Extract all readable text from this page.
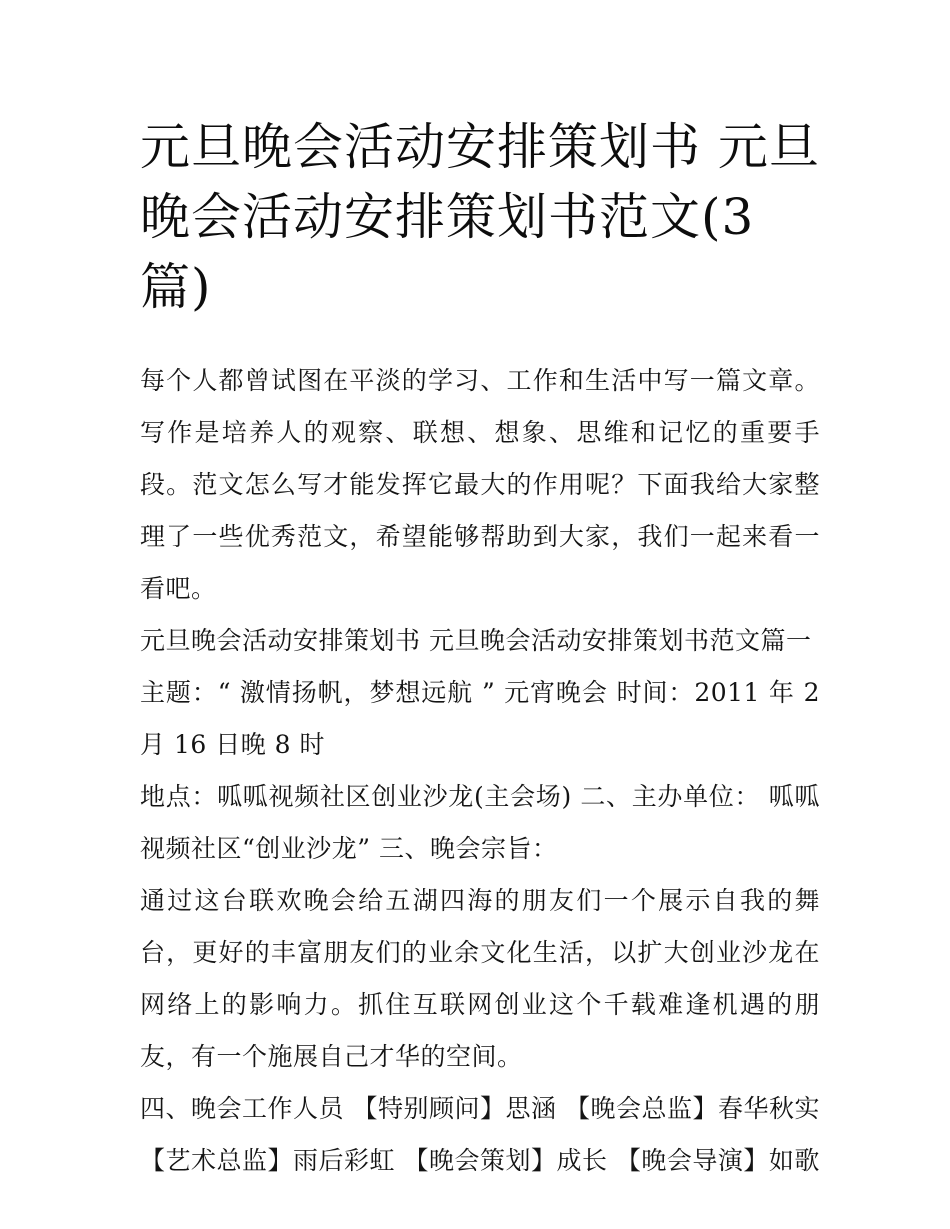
元旦晚会活动安排策划书 元旦晚会活动安排策划书范文(3篇)

每个人都曾试图在平淡的学习、工作和生活中写一篇文章。写作是培养人的观察、联想、想象、思维和记忆的重要手段。范文怎么写才能发挥它最大的作用呢？下面我给大家整理了一些优秀范文，希望能够帮助到大家，我们一起来看一看吧。

元旦晚会活动安排策划书 元旦晚会活动安排策划书范文篇一

主题：“ 激情扬帆，梦想远航 ” 元宵晚会 时间：2011 年 2 月 16 日晚 8 时

地点：呱呱视频社区创业沙龙(主会场) 二、主办单位： 呱呱视频社区“创业沙龙” 三、晚会宗旨：

通过这台联欢晚会给五湖四海的朋友们一个展示自我的舞台，更好的丰富朋友们的业余文化生活，以扩大创业沙龙在网络上的影响力。抓住互联网创业这个千载难逢机遇的朋友，有一个施展自己才华的空间。

四、晚会工作人员 【特别顾问】思涵 【晚会总监】春华秋实 【艺术总监】雨后彩虹 【晚会策划】成长 【晚会导演】如歌
